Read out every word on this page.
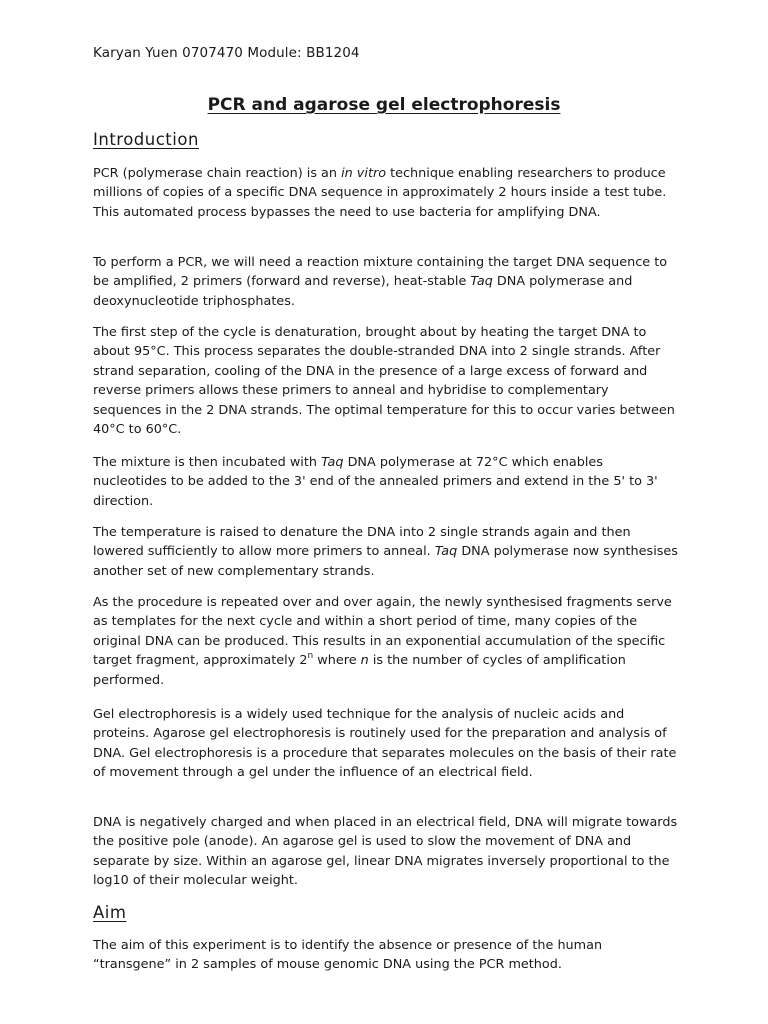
Karyan Yuen 0707470 Module: BB1204
PCR and agarose gel electrophoresis
Introduction

PCR (polymerase chain reaction) is an in vitro technique enabling researchers to produce millions of copies of a specific DNA sequence in approximately 2 hours inside a test tube. This automated process bypasses the need to use bacteria for amplifying DNA.

To perform a PCR, we will need a reaction mixture containing the target DNA sequence to be amplified, 2 primers (forward and reverse), heat-stable Taq DNA polymerase and deoxynucleotide triphosphates.

The first step of the cycle is denaturation, brought about by heating the target DNA to about 95°C. This process separates the double-stranded DNA into 2 single strands. After strand separation, cooling of the DNA in the presence of a large excess of forward and reverse primers allows these primers to anneal and hybridise to complementary sequences in the 2 DNA strands. The optimal temperature for this to occur varies between 40°C to 60°C.

The mixture is then incubated with Taq DNA polymerase at 72°C which enables nucleotides to be added to the 3' end of the annealed primers and extend in the 5' to 3' direction.

The temperature is raised to denature the DNA into 2 single strands again and then lowered sufficiently to allow more primers to anneal. Taq DNA polymerase now synthesises another set of new complementary strands.

As the procedure is repeated over and over again, the newly synthesised fragments serve as templates for the next cycle and within a short period of time, many copies of the original DNA can be produced. This results in an exponential accumulation of the specific target fragment, approximately 2$^n$ where n is the number of cycles of amplification performed.

Gel electrophoresis is a widely used technique for the analysis of nucleic acids and proteins. Agarose gel electrophoresis is routinely used for the preparation and analysis of DNA. Gel electrophoresis is a procedure that separates molecules on the basis of their rate of movement through a gel under the influence of an electrical field.

DNA is negatively charged and when placed in an electrical field, DNA will migrate towards the positive pole (anode). An agarose gel is used to slow the movement of DNA and separate by size. Within an agarose gel, linear DNA migrates inversely proportional to the log10 of their molecular weight.

Aim

The aim of this experiment is to identify the absence or presence of the human “transgene” in 2 samples of mouse genomic DNA using the PCR method.
